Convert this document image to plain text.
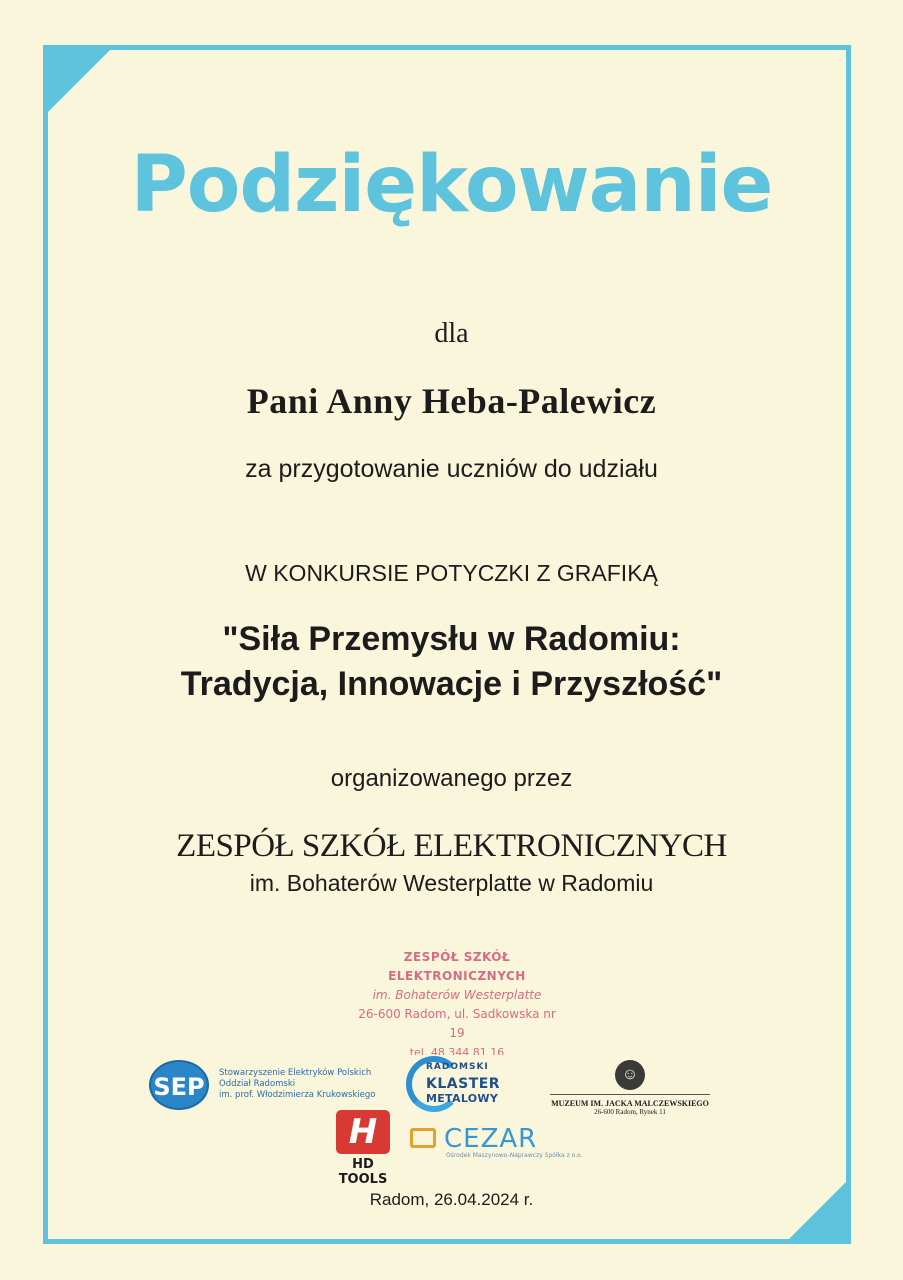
Podziękowanie
dla
Pani Anny Heba-Palewicz
za przygotowanie uczniów do udziału
W KONKURSIE POTYCZKI Z GRAFIKĄ
"Siła Przemysłu w Radomiu:
Tradycja, Innowacje i Przyszłość"
organizowanego przez
ZESPÓŁ SZKÓŁ ELEKTRONICZNYCH
im. Bohaterów Westerplatte w Radomiu
ZESPÓŁ SZKÓŁ ELEKTRONICZNYCH
im. Bohaterów Westerplatte
26-600 Radom, ul. Sadkowska nr 19
tel. 48 344 81 16
SEP	Stowarzyszenie Elektryków Polskich
Oddział Radomski
im. prof. Włodzimierza Krukowskiego
RADOMSKI
KLASTER
METALOWY
☺
MUZEUM IM. JACKA MALCZEWSKIEGO
26-600 Radom, Rynek 11
H
HD TOOLS
CEZAR
Ośrodek Maszynowo-Naprawczy Spółka z o.o.
Radom, 26.04.2024 r.
